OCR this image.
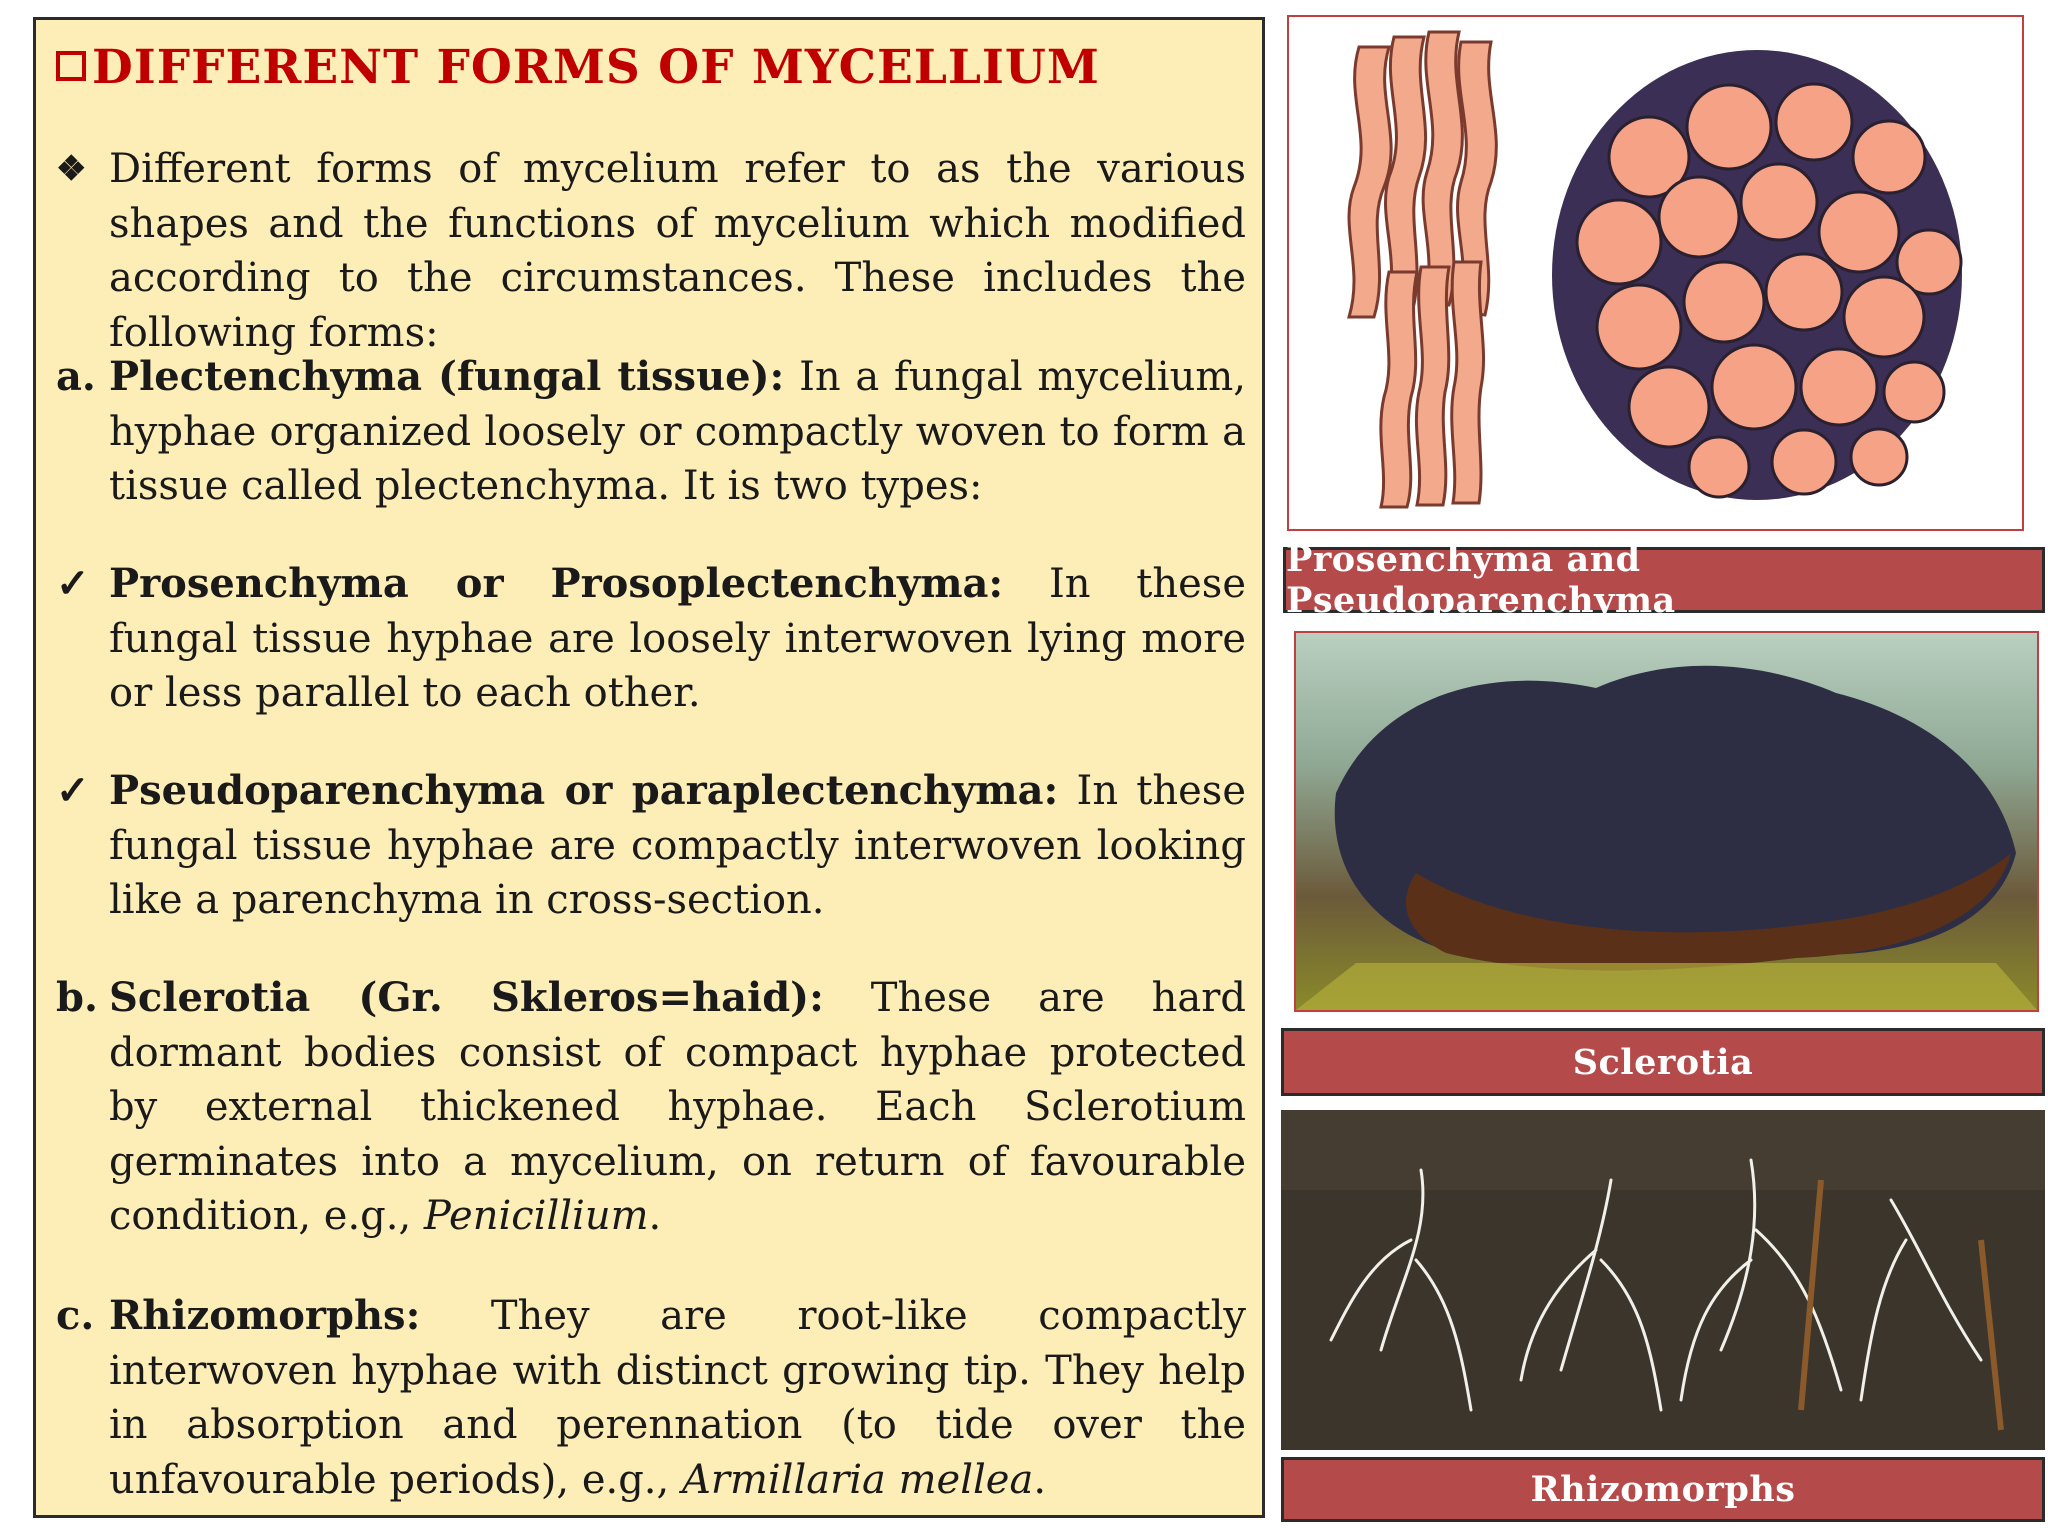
DIFFERENT FORMS OF MYCELLIUM
❖ Different forms of mycelium refer to as the various shapes and the functions of mycelium which modified according to the circumstances. These includes the following forms:
a. Plectenchyma (fungal tissue): In a fungal mycelium, hyphae organized loosely or compactly woven to form a tissue called plectenchyma. It is two types:
✓ Prosenchyma or Prosoplectenchyma: In these fungal tissue hyphae are loosely interwoven lying more or less parallel to each other.
✓ Pseudoparenchyma or paraplectenchyma: In these fungal tissue hyphae are compactly interwoven looking like a parenchyma in cross-section.
b. Sclerotia (Gr. Skleros=haid): These are hard dormant bodies consist of compact hyphae protected by external thickened hyphae. Each Sclerotium germinates into a mycelium, on return of favourable condition, e.g., Penicillium.
c. Rhizomorphs: They are root-like compactly interwoven hyphae with distinct growing tip. They help in absorption and perennation (to tide over the unfavourable periods), e.g., Armillaria mellea.
Prosenchyma and Pseudoparenchyma
Sclerotia
Rhizomorphs
